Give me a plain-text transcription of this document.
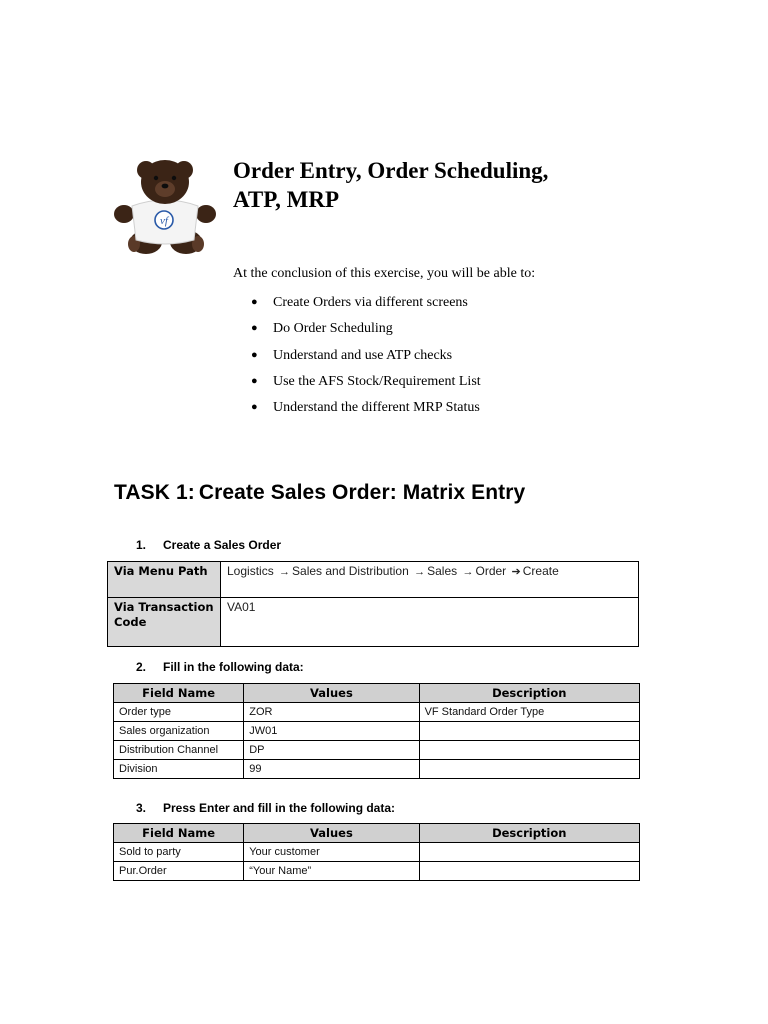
vf
Order Entry, Order Scheduling,
ATP, MRP

At the conclusion of this exercise, you will be able to:

● Create Orders via different screens
● Do Order Scheduling
● Understand and use ATP checks
● Use the AFS Stock/Requirement List
● Understand the different MRP Status
TASK 1: Create Sales Order: Matrix Entry

1. Create a Sales Order

Via Menu Path	Logistics → Sales and Distribution → Sales → Order ➔ Create
Via Transaction Code	VA01

2. Fill in the following data:

Field Name	Values	Description
Order type	ZOR	VF Standard Order Type
Sales organization	JW01	
Distribution Channel	DP	
Division	99	

3. Press Enter and fill in the following data:

Field Name	Values	Description
Sold to party	Your customer	
Pur.Order	“Your Name”	
